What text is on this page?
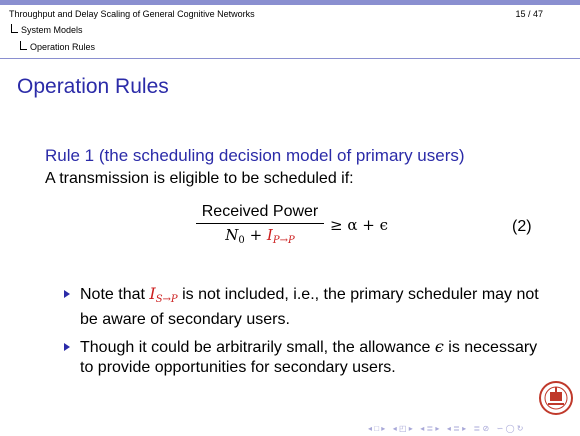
Throughput and Delay Scaling of General Cognitive Networks	15 / 47
System Models
Operation Rules
Operation Rules
Rule 1 (the scheduling decision model of primary users)
A transmission is eligible to be scheduled if:
Received Power
$N_0 + I_{P\to P}$
≥ α + ϵ	(2)
Note that $I_{S\to P}$ is not included, i.e., the primary scheduler may not be aware of secondary users.
Though it could be arbitrarily small, the allowance ϵ is necessary to provide opportunities for secondary users.
◂ □ ▸ ◂ ◰ ▸ ◂ ≣ ▸ ◂ ≣ ▸ ≣ ⊘ ∽ ◯ ↻
